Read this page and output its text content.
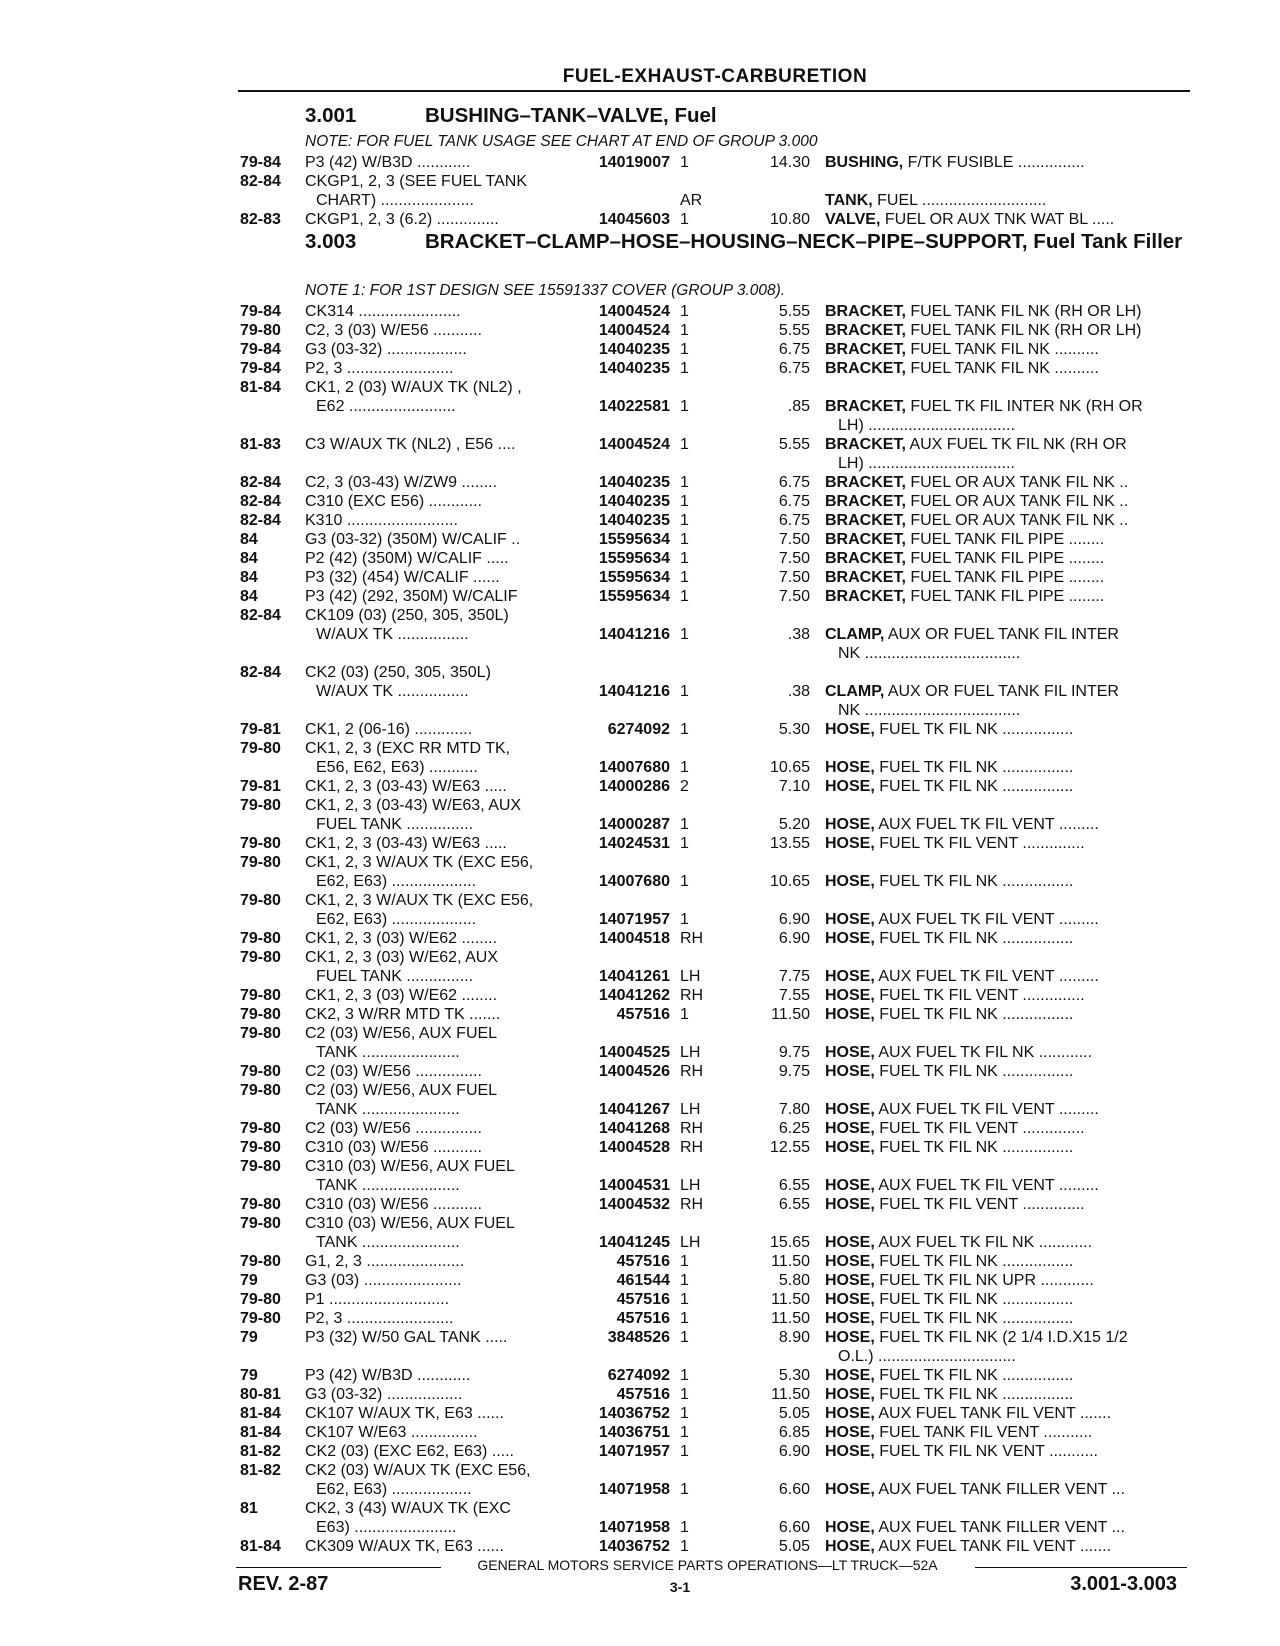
FUEL-EXHAUST-CARBURETION
3.001	BUSHING–TANK–VALVE, Fuel
NOTE: FOR FUEL TANK USAGE SEE CHART AT END OF GROUP 3.000
3.003	BRACKET–CLAMP–HOSE–HOUSING–NECK–PIPE–SUPPORT, Fuel Tank Filler
NOTE 1: FOR 1ST DESIGN SEE 15591337 COVER (GROUP 3.008).
79-84 P3 (42) W/B3D ............	14019007 1	14.30 BUSHING, F/TK FUSIBLE ...............
82-84 CKGP1, 2, 3 (SEE FUEL TANK
CHART) .....................	AR	TANK, FUEL ............................
82-83 CKGP1, 2, 3 (6.2) ..............	14045603 1	10.80 VALVE, FUEL OR AUX TNK WAT BL .....
79-84 CK314 .......................	14004524 1	5.55 BRACKET, FUEL TANK FIL NK (RH OR LH)
79-80 C2, 3 (03) W/E56 ...........	14004524 1	5.55 BRACKET, FUEL TANK FIL NK (RH OR LH)
79-84 G3 (03-32) ..................	14040235 1	6.75 BRACKET, FUEL TANK FIL NK ..........
79-84 P2, 3 ........................	14040235 1	6.75 BRACKET, FUEL TANK FIL NK ..........
81-84 CK1, 2 (03) W/AUX TK (NL2) ,
E62 ........................	14022581 1	.85 BRACKET, FUEL TK FIL INTER NK (RH OR
LH) .................................
81-83 C3 W/AUX TK (NL2) , E56 ....	14004524 1	5.55 BRACKET, AUX FUEL TK FIL NK (RH OR
LH) .................................
82-84 C2, 3 (03-43) W/ZW9 ........	14040235 1	6.75 BRACKET, FUEL OR AUX TANK FIL NK ..
82-84 C310 (EXC E56) ............	14040235 1	6.75 BRACKET, FUEL OR AUX TANK FIL NK ..
82-84 K310 .........................	14040235 1	6.75 BRACKET, FUEL OR AUX TANK FIL NK ..
84	G3 (03-32) (350M) W/CALIF ..	15595634 1	7.50 BRACKET, FUEL TANK FIL PIPE ........
84	P2 (42) (350M) W/CALIF .....	15595634 1	7.50 BRACKET, FUEL TANK FIL PIPE ........
84	P3 (32) (454) W/CALIF ......	15595634 1	7.50 BRACKET, FUEL TANK FIL PIPE ........
84	P3 (42) (292, 350M) W/CALIF	15595634 1	7.50 BRACKET, FUEL TANK FIL PIPE ........
82-84 CK109 (03) (250, 305, 350L)
W/AUX TK ................	14041216 1	.38 CLAMP, AUX OR FUEL TANK FIL INTER
NK ...................................
82-84 CK2 (03) (250, 305, 350L)
W/AUX TK ................	14041216 1	.38 CLAMP, AUX OR FUEL TANK FIL INTER
NK ...................................
79-81 CK1, 2 (06-16) .............	6274092 1	5.30 HOSE, FUEL TK FIL NK ................
79-80 CK1, 2, 3 (EXC RR MTD TK,
E56, E62, E63) ...........	14007680 1	10.65 HOSE, FUEL TK FIL NK ................
79-81 CK1, 2, 3 (03-43) W/E63 .....	14000286 2	7.10 HOSE, FUEL TK FIL NK ................
79-80 CK1, 2, 3 (03-43) W/E63, AUX
FUEL TANK ...............	14000287 1	5.20 HOSE, AUX FUEL TK FIL VENT .........
79-80 CK1, 2, 3 (03-43) W/E63 .....	14024531 1	13.55 HOSE, FUEL TK FIL VENT ..............
79-80 CK1, 2, 3 W/AUX TK (EXC E56,
E62, E63) ...................	14007680 1	10.65 HOSE, FUEL TK FIL NK ................
79-80 CK1, 2, 3 W/AUX TK (EXC E56,
E62, E63) ...................	14071957 1	6.90 HOSE, AUX FUEL TK FIL VENT .........
79-80 CK1, 2, 3 (03) W/E62 ........	14004518 RH	6.90 HOSE, FUEL TK FIL NK ................
79-80 CK1, 2, 3 (03) W/E62, AUX
FUEL TANK ...............	14041261 LH	7.75 HOSE, AUX FUEL TK FIL VENT .........
79-80 CK1, 2, 3 (03) W/E62 ........	14041262 RH	7.55 HOSE, FUEL TK FIL VENT ..............
79-80 CK2, 3 W/RR MTD TK .......	457516 1	11.50 HOSE, FUEL TK FIL NK ................
79-80 C2 (03) W/E56, AUX FUEL
TANK ......................	14004525 LH	9.75 HOSE, AUX FUEL TK FIL NK ............
79-80 C2 (03) W/E56 ...............	14004526 RH	9.75 HOSE, FUEL TK FIL NK ................
79-80 C2 (03) W/E56, AUX FUEL
TANK ......................	14041267 LH	7.80 HOSE, AUX FUEL TK FIL VENT .........
79-80 C2 (03) W/E56 ...............	14041268 RH	6.25 HOSE, FUEL TK FIL VENT ..............
79-80 C310 (03) W/E56 ...........	14004528 RH	12.55 HOSE, FUEL TK FIL NK ................
79-80 C310 (03) W/E56, AUX FUEL
TANK ......................	14004531 LH	6.55 HOSE, AUX FUEL TK FIL VENT .........
79-80 C310 (03) W/E56 ...........	14004532 RH	6.55 HOSE, FUEL TK FIL VENT ..............
79-80 C310 (03) W/E56, AUX FUEL
TANK ......................	14041245 LH	15.65 HOSE, AUX FUEL TK FIL NK ............
79-80 G1, 2, 3 ......................	457516 1	11.50 HOSE, FUEL TK FIL NK ................
79	G3 (03) ......................	461544 1	5.80 HOSE, FUEL TK FIL NK UPR ............
79-80 P1 ...........................	457516 1	11.50 HOSE, FUEL TK FIL NK ................
79-80 P2, 3 ........................	457516 1	11.50 HOSE, FUEL TK FIL NK ................
79	P3 (32) W/50 GAL TANK .....	3848526 1	8.90 HOSE, FUEL TK FIL NK (2 1/4 I.D.X15 1/2
O.L.) ...............................
79	P3 (42) W/B3D ............	6274092 1	5.30 HOSE, FUEL TK FIL NK ................
80-81 G3 (03-32) .................	457516 1	11.50 HOSE, FUEL TK FIL NK ................
81-84 CK107 W/AUX TK, E63 ......	14036752 1	5.05 HOSE, AUX FUEL TANK FIL VENT .......
81-84 CK107 W/E63 ...............	14036751 1	6.85 HOSE, FUEL TANK FIL VENT ...........
81-82 CK2 (03) (EXC E62, E63) .....	14071957 1	6.90 HOSE, FUEL TK FIL NK VENT ...........
81-82 CK2 (03) W/AUX TK (EXC E56,
E62, E63) ..................	14071958 1	6.60 HOSE, AUX FUEL TANK FILLER VENT ...
81	CK2, 3 (43) W/AUX TK (EXC
E63) .......................	14071958 1	6.60 HOSE, AUX FUEL TANK FILLER VENT ...
81-84 CK309 W/AUX TK, E63 ......	14036752 1	5.05 HOSE, AUX FUEL TANK FIL VENT .......
GENERAL MOTORS SERVICE PARTS OPERATIONS—LT TRUCK—52A
REV. 2-87	3-1	3.001-3.003
